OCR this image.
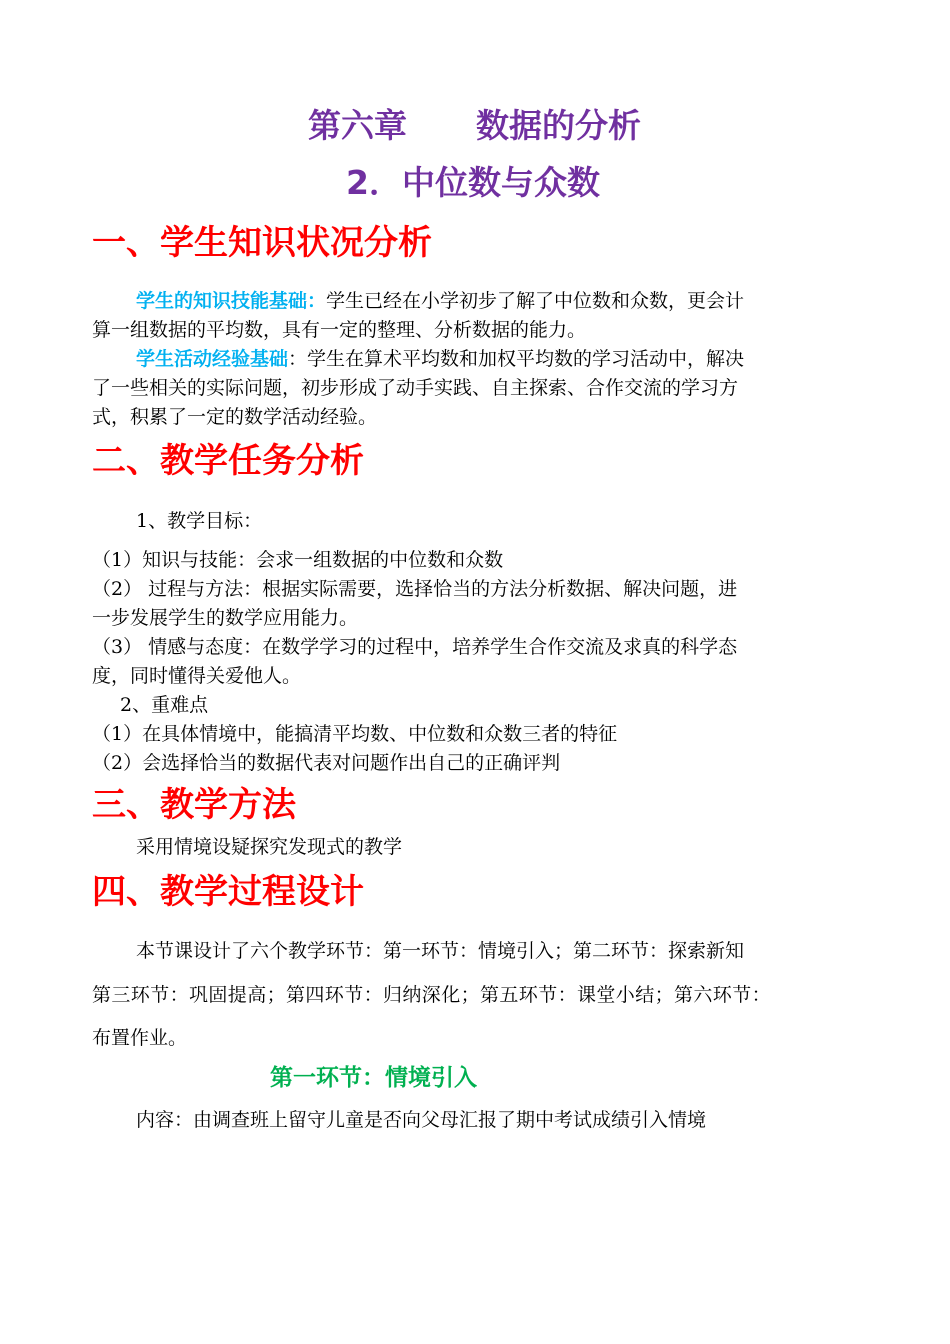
第六章 数据的分析
2．中位数与众数
一、学生知识状况分析
学生的知识技能基础：学生已经在小学初步了解了中位数和众数，更会计
算一组数据的平均数，具有一定的整理、分析数据的能力。
学生活动经验基础：学生在算术平均数和加权平均数的学习活动中，解决
了一些相关的实际问题，初步形成了动手实践、自主探索、合作交流的学习方
式，积累了一定的数学活动经验。
二、教学任务分析
1、教学目标：
（1）知识与技能：会求一组数据的中位数和众数
（2） 过程与方法：根据实际需要，选择恰当的方法分析数据、解决问题，进
一步发展学生的数学应用能力。
（3） 情感与态度：在数学学习的过程中，培养学生合作交流及求真的科学态
度，同时懂得关爱他人。
2、重难点
（1）在具体情境中，能搞清平均数、中位数和众数三者的特征
（2）会选择恰当的数据代表对问题作出自己的正确评判
三、教学方法
采用情境设疑探究发现式的教学
四、教学过程设计
本节课设计了六个教学环节：第一环节：情境引入；第二环节：探索新知
第三环节：巩固提高；第四环节：归纳深化；第五环节：课堂小结；第六环节：
布置作业。
第一环节：情境引入
内容：由调查班上留守儿童是否向父母汇报了期中考试成绩引入情境
